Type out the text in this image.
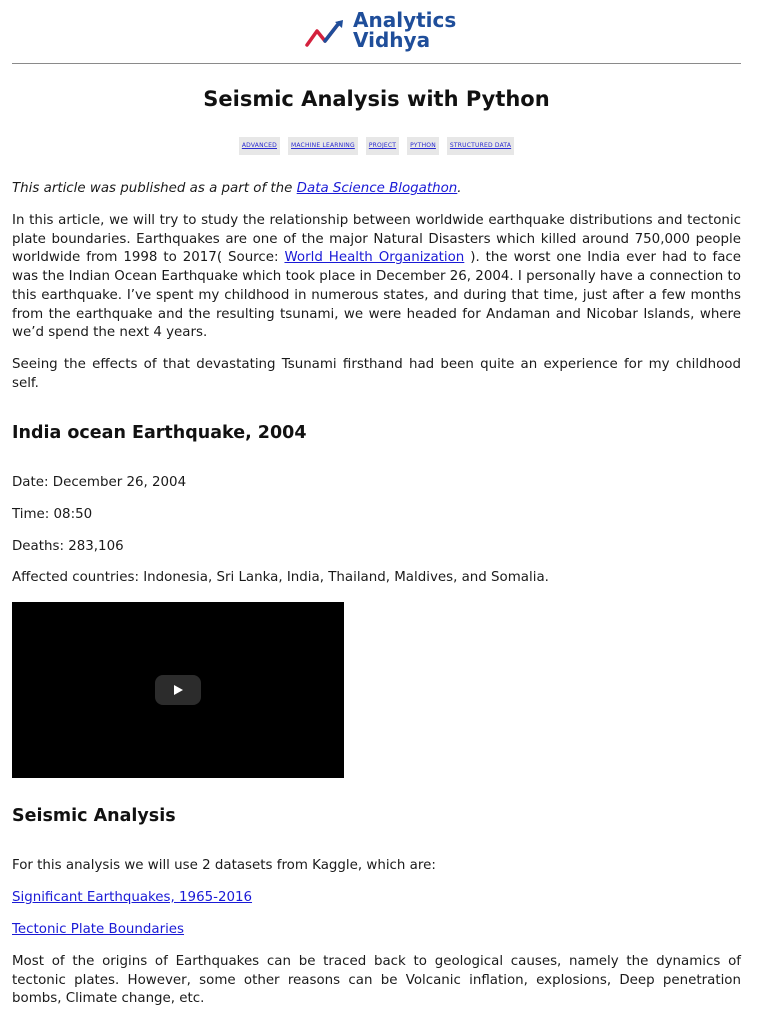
Analytics
Vidhya
Seismic Analysis with Python
ADVANCED	MACHINE LEARNING	PROJECT	PYTHON	STRUCTURED DATA

This article was published as a part of the Data Science Blogathon.

In this article, we will try to study the relationship between worldwide earthquake distributions and tectonic plate boundaries. Earthquakes are one of the major Natural Disasters which killed around 750,000 people worldwide from 1998 to 2017( Source: World Health Organization ). the worst one India ever had to face was the Indian Ocean Earthquake which took place in December 26, 2004. I personally have a connection to this earthquake. I’ve spent my childhood in numerous states, and during that time, just after a few months from the earthquake and the resulting tsunami, we were headed for Andaman and Nicobar Islands, where we’d spend the next 4 years.

Seeing the effects of that devastating Tsunami firsthand had been quite an experience for my childhood self.

India ocean Earthquake, 2004

Date: December 26, 2004

Time: 08:50

Deaths: 283,106

Affected countries: Indonesia, Sri Lanka, India, Thailand, Maldives, and Somalia.

Seismic Analysis

For this analysis we will use 2 datasets from Kaggle, which are:

Significant Earthquakes, 1965-2016

Tectonic Plate Boundaries

Most of the origins of Earthquakes can be traced back to geological causes, namely the dynamics of tectonic plates. However, some other reasons can be Volcanic inflation, explosions, Deep penetration bombs, Climate change, etc.
